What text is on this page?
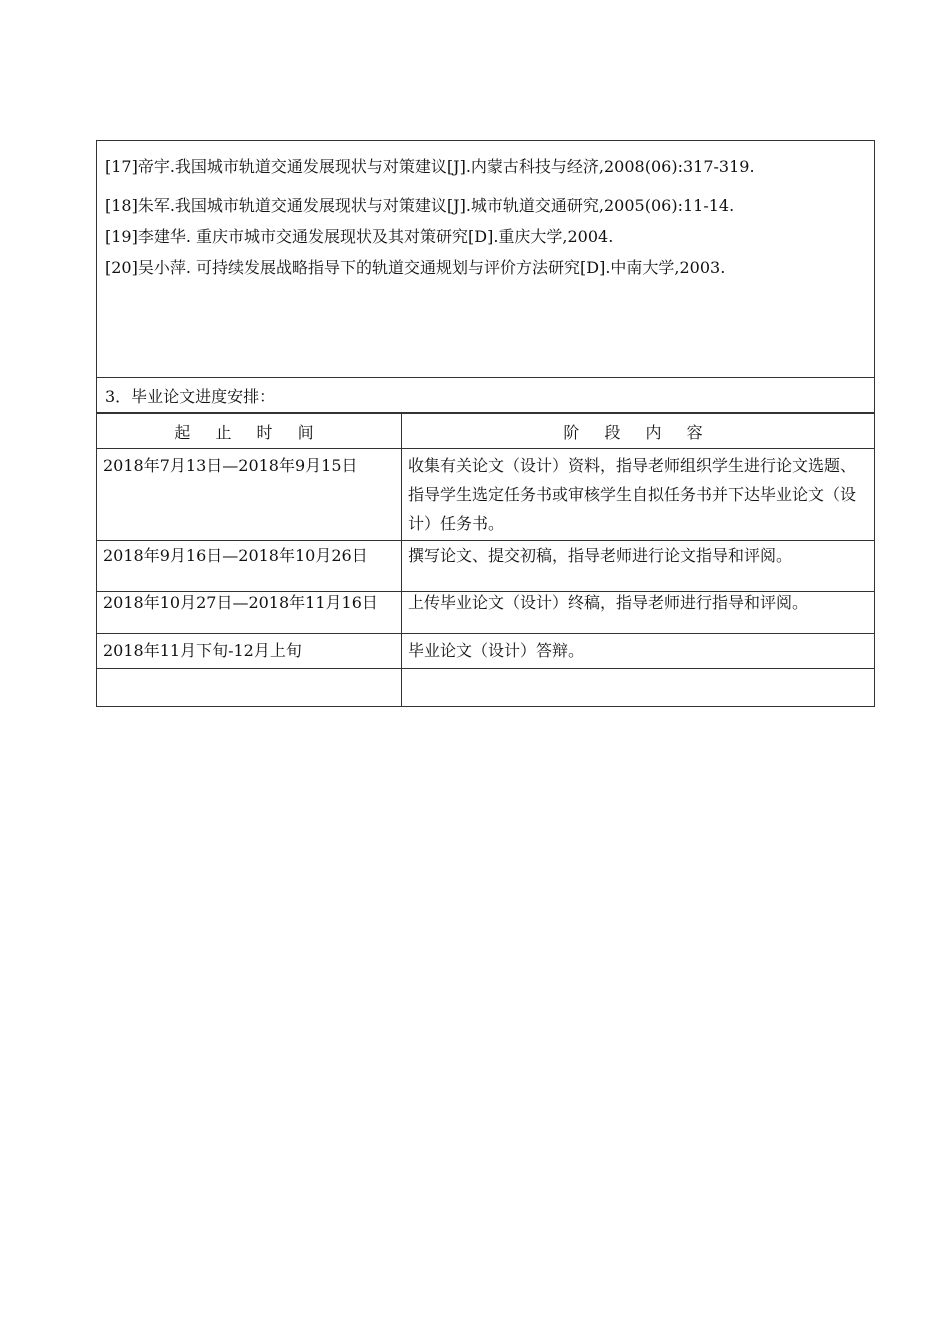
[17]帝宇.我国城市轨道交通发展现状与对策建议[J].内蒙古科技与经济,2008(06):317-319.

[18]朱军.我国城市轨道交通发展现状与对策建议[J].城市轨道交通研究,2005(06):11-14.

[19]李建华. 重庆市城市交通发展现状及其对策研究[D].重庆大学,2004.

[20]吴小萍. 可持续发展战略指导下的轨道交通规划与评价方法研究[D].中南大学,2003.

3．毕业论文进度安排：
起 止 时 间	阶 段 内 容
2018年7月13日—2018年9月15日	收集有关论文（设计）资料，指导老师组织学生进行论文选题、指导学生选定任务书或审核学生自拟任务书并下达毕业论文（设计）任务书。
2018年9月16日—2018年10月26日	撰写论文、提交初稿，指导老师进行论文指导和评阅。
2018年10月27日—2018年11月16日	上传毕业论文（设计）终稿，指导老师进行指导和评阅。
2018年11月下旬-12月上旬	毕业论文（设计）答辩。
